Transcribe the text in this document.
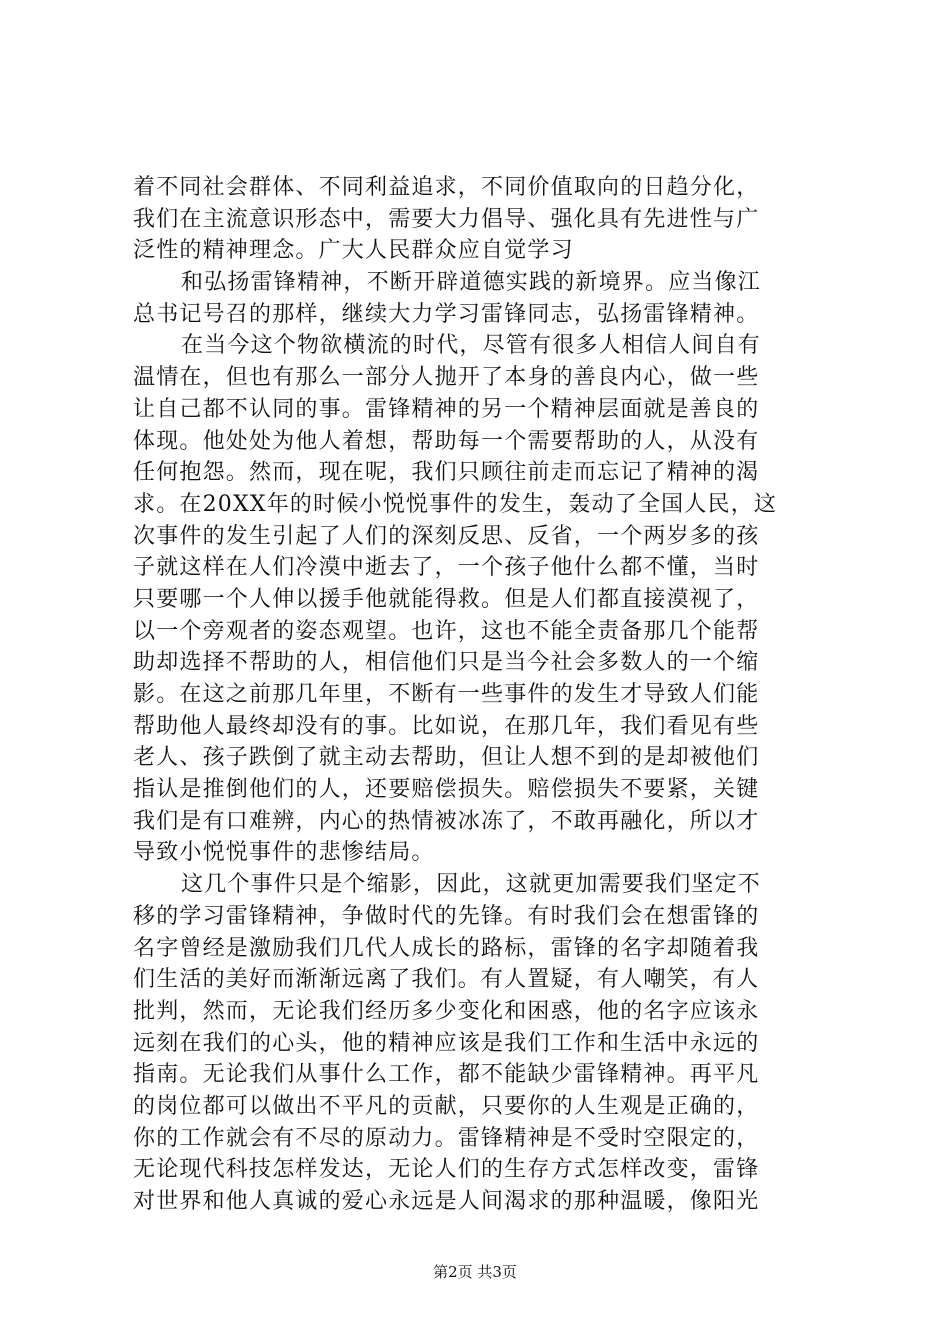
着不同社会群体、不同利益追求，不同价值取向的日趋分化，
我们在主流意识形态中，需要大力倡导、强化具有先进性与广
泛性的精神理念。广大人民群众应自觉学习
和弘扬雷锋精神，不断开辟道德实践的新境界。应当像江
总书记号召的那样，继续大力学习雷锋同志，弘扬雷锋精神。
在当今这个物欲横流的时代，尽管有很多人相信人间自有
温情在，但也有那么一部分人抛开了本身的善良内心，做一些
让自己都不认同的事。雷锋精神的另一个精神层面就是善良的
体现。他处处为他人着想，帮助每一个需要帮助的人，从没有
任何抱怨。然而，现在呢，我们只顾往前走而忘记了精神的渴
求。在20XX年的时候小悦悦事件的发生，轰动了全国人民，这
次事件的发生引起了人们的深刻反思、反省，一个两岁多的孩
子就这样在人们冷漠中逝去了，一个孩子他什么都不懂，当时
只要哪一个人伸以援手他就能得救。但是人们都直接漠视了，
以一个旁观者的姿态观望。也许，这也不能全责备那几个能帮
助却选择不帮助的人，相信他们只是当今社会多数人的一个缩
影。在这之前那几年里，不断有一些事件的发生才导致人们能
帮助他人最终却没有的事。比如说，在那几年，我们看见有些
老人、孩子跌倒了就主动去帮助，但让人想不到的是却被他们
指认是推倒他们的人，还要赔偿损失。赔偿损失不要紧，关键
我们是有口难辨，内心的热情被冰冻了，不敢再融化，所以才
导致小悦悦事件的悲惨结局。
这几个事件只是个缩影，因此，这就更加需要我们坚定不
移的学习雷锋精神，争做时代的先锋。有时我们会在想雷锋的
名字曾经是激励我们几代人成长的路标，雷锋的名字却随着我
们生活的美好而渐渐远离了我们。有人置疑，有人嘲笑，有人
批判，然而，无论我们经历多少变化和困惑，他的名字应该永
远刻在我们的心头，他的精神应该是我们工作和生活中永远的
指南。无论我们从事什么工作，都不能缺少雷锋精神。再平凡
的岗位都可以做出不平凡的贡献，只要你的人生观是正确的，
你的工作就会有不尽的原动力。雷锋精神是不受时空限定的，
无论现代科技怎样发达，无论人们的生存方式怎样改变，雷锋
对世界和他人真诚的爱心永远是人间渴求的那种温暖，像阳光
第2页 共3页
